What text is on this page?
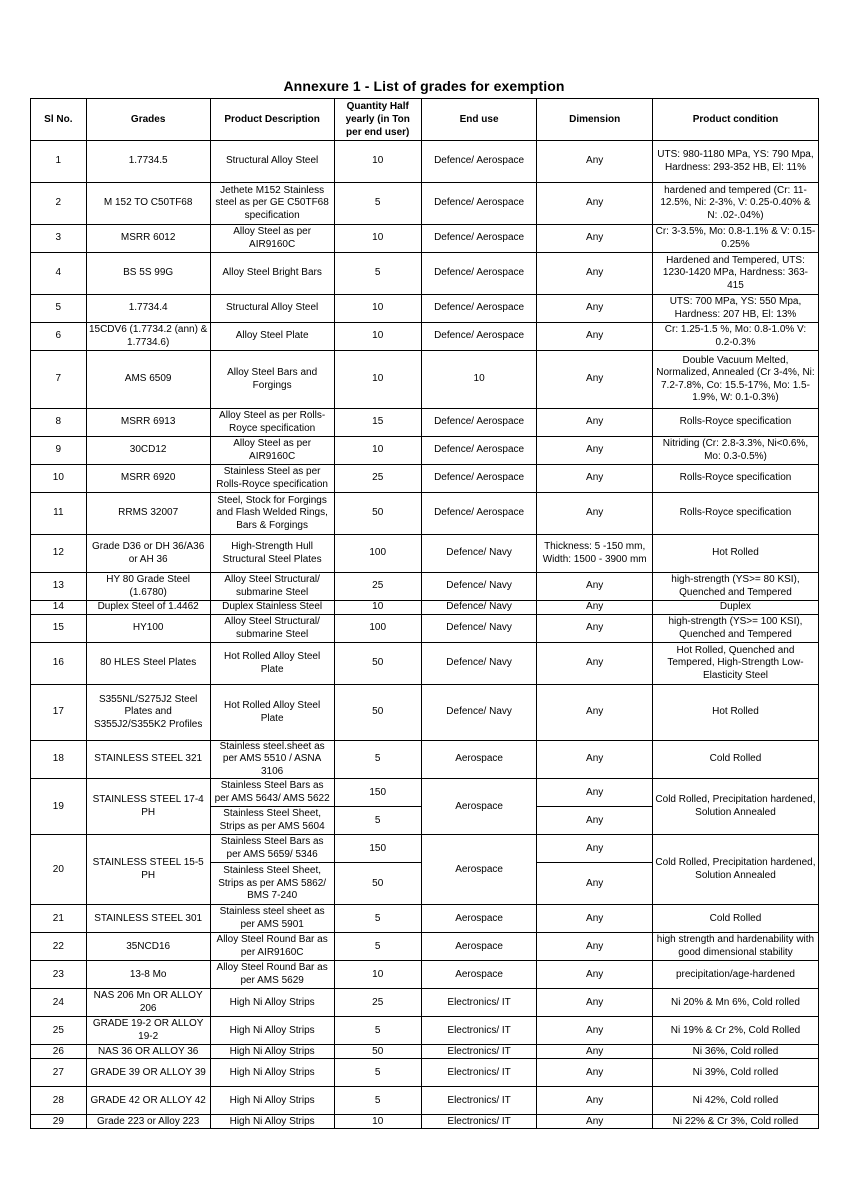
Annexure 1 - List of grades for exemption
Sl No.	Grades	Product Description	Quantity Half yearly (in Ton per end user)	End use	Dimension	Product condition
1	1.7734.5	Structural Alloy Steel	10	Defence/ Aerospace	Any	UTS: 980-1180 MPa, YS: 790 Mpa, Hardness: 293-352 HB, El: 11%
2	M 152 TO C50TF68	Jethete M152 Stainless steel as per GE C50TF68 specification	5	Defence/ Aerospace	Any	hardened and tempered (Cr: 11-12.5%, Ni: 2-3%, V: 0.25-0.40% & N: .02-.04%)
3	MSRR 6012	Alloy Steel as per AIR9160C	10	Defence/ Aerospace	Any	Cr: 3-3.5%, Mo: 0.8-1.1% & V: 0.15-0.25%
4	BS 5S 99G	Alloy Steel Bright Bars	5	Defence/ Aerospace	Any	Hardened and Tempered, UTS: 1230-1420 MPa, Hardness: 363-415
5	1.7734.4	Structural Alloy Steel	10	Defence/ Aerospace	Any	UTS: 700 MPa, YS: 550 Mpa, Hardness: 207 HB, El: 13%
6	15CDV6 (1.7734.2 (ann) & 1.7734.6)	Alloy Steel Plate	10	Defence/ Aerospace	Any	Cr: 1.25-1.5 %, Mo: 0.8-1.0% V: 0.2-0.3%
7	AMS 6509	Alloy Steel Bars and Forgings	10	10	Any	Double Vacuum Melted, Normalized, Annealed (Cr 3-4%, Ni: 7.2-7.8%, Co: 15.5-17%, Mo: 1.5-1.9%, W: 0.1-0.3%)
8	MSRR 6913	Alloy Steel as per Rolls-Royce specification	15	Defence/ Aerospace	Any	Rolls-Royce specification
9	30CD12	Alloy Steel as per AIR9160C	10	Defence/ Aerospace	Any	Nitriding (Cr: 2.8-3.3%, Ni<0.6%, Mo: 0.3-0.5%)
10	MSRR 6920	Stainless Steel as per Rolls-Royce specification	25	Defence/ Aerospace	Any	Rolls-Royce specification
11	RRMS 32007	Steel, Stock for Forgings and Flash Welded Rings, Bars & Forgings	50	Defence/ Aerospace	Any	Rolls-Royce specification
12	Grade D36 or DH 36/A36 or AH 36	High-Strength Hull Structural Steel Plates	100	Defence/ Navy	Thickness: 5 -150 mm, Width: 1500 - 3900 mm	Hot Rolled
13	HY 80 Grade Steel (1.6780)	Alloy Steel Structural/ submarine Steel	25	Defence/ Navy	Any	high-strength (YS>= 80 KSI), Quenched and Tempered
14	Duplex Steel of 1.4462	Duplex Stainless Steel	10	Defence/ Navy	Any	Duplex
15	HY100	Alloy Steel Structural/ submarine Steel	100	Defence/ Navy	Any	high-strength (YS>= 100 KSI), Quenched and Tempered
16	80 HLES Steel Plates	Hot Rolled Alloy Steel Plate	50	Defence/ Navy	Any	Hot Rolled, Quenched and Tempered, High-Strength Low-Elasticity Steel
17	S355NL/S275J2 Steel Plates and S355J2/S355K2 Profiles	Hot Rolled Alloy Steel Plate	50	Defence/ Navy	Any	Hot Rolled
18	STAINLESS STEEL 321	Stainless steel.sheet as per AMS 5510 / ASNA 3106	5	Aerospace	Any	Cold Rolled
19	STAINLESS STEEL 17-4 PH	Stainless Steel Bars as per AMS 5643/ AMS 5622	150	Aerospace	Any	Cold Rolled, Precipitation hardened, Solution Annealed
		Stainless Steel Sheet, Strips as per AMS 5604	5		Any	
20	STAINLESS STEEL 15-5 PH	Stainless Steel Bars as per AMS 5659/ 5346	150	Aerospace	Any	Cold Rolled, Precipitation hardened, Solution Annealed
		Stainless Steel Sheet, Strips as per AMS 5862/ BMS 7-240	50		Any	
21	STAINLESS STEEL 301	Stainless steel sheet as per AMS 5901	5	Aerospace	Any	Cold Rolled
22	35NCD16	Alloy Steel Round Bar as per AIR9160C	5	Aerospace	Any	high strength and hardenability with good dimensional stability
23	13-8 Mo	Alloy Steel Round Bar as per AMS 5629	10	Aerospace	Any	precipitation/age-hardened
24	NAS 206 Mn OR ALLOY 206	High Ni Alloy Strips	25	Electronics/ IT	Any	Ni 20% & Mn 6%, Cold rolled
25	GRADE 19-2 OR ALLOY 19-2	High Ni Alloy Strips	5	Electronics/ IT	Any	Ni 19% & Cr 2%, Cold Rolled
26	NAS 36 OR ALLOY 36	High Ni Alloy Strips	50	Electronics/ IT	Any	Ni 36%, Cold rolled
27	GRADE 39 OR ALLOY 39	High Ni Alloy Strips	5	Electronics/ IT	Any	Ni 39%, Cold rolled
28	GRADE 42 OR ALLOY 42	High Ni Alloy Strips	5	Electronics/ IT	Any	Ni 42%, Cold rolled
29	Grade 223 or Alloy 223	High Ni Alloy Strips	10	Electronics/ IT	Any	Ni 22% & Cr 3%, Cold rolled
